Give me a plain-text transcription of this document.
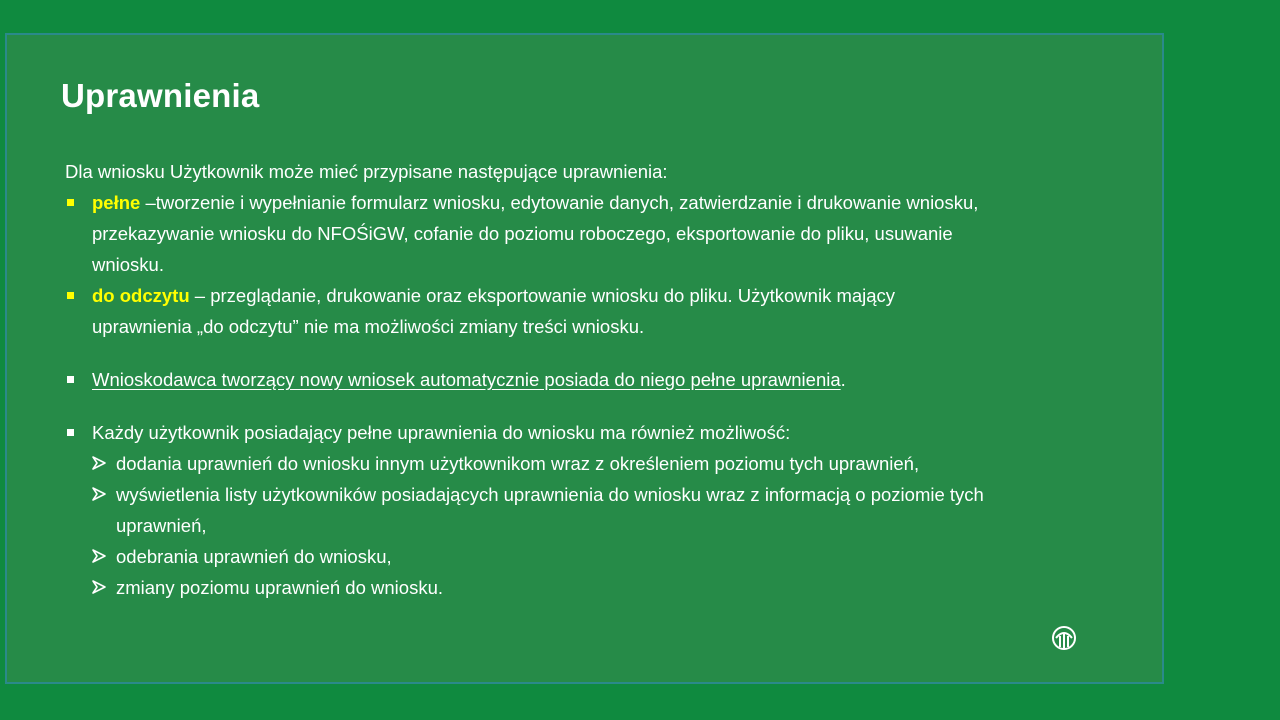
Uprawnienia

Dla wniosku Użytkownik może mieć przypisane następujące uprawnienia:

pełne –tworzenie i wypełnianie formularz wniosku, edytowanie danych, zatwierdzanie i drukowanie wniosku, przekazywanie wniosku do NFOŚiGW, cofanie do poziomu roboczego, eksportowanie do pliku, usuwanie wniosku.

do odczytu – przeglądanie, drukowanie oraz eksportowanie wniosku do pliku. Użytkownik mający uprawnienia „do odczytu” nie ma możliwości zmiany treści wniosku.

Wnioskodawca tworzący nowy wniosek automatycznie posiada do niego pełne uprawnienia.

Każdy użytkownik posiadający pełne uprawnienia do wniosku ma również możliwość:

dodania uprawnień do wniosku innym użytkownikom wraz z określeniem poziomu tych uprawnień,

wyświetlenia listy użytkowników posiadających uprawnienia do wniosku wraz z informacją o poziomie tych uprawnień,

odebrania uprawnień do wniosku,

zmiany poziomu uprawnień do wniosku.
